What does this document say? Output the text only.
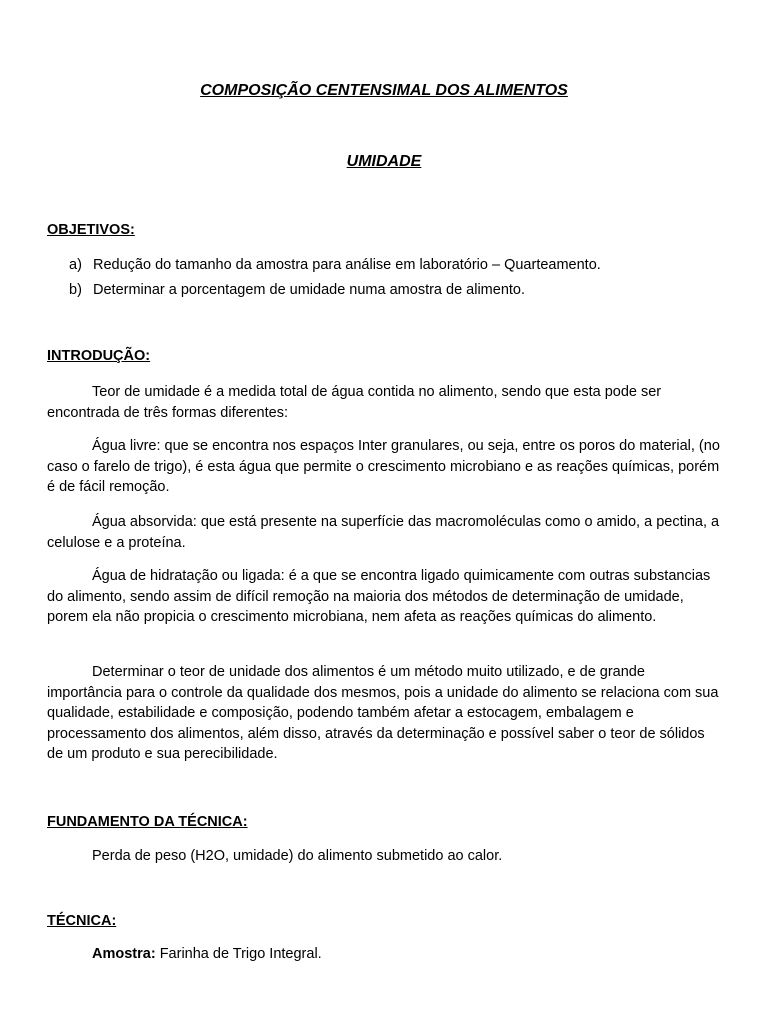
COMPOSIÇÃO CENTENSIMAL DOS ALIMENTOS
UMIDADE
OBJETIVOS:
a) Redução do tamanho da amostra para análise em laboratório – Quarteamento.
b) Determinar a porcentagem de umidade numa amostra de alimento.
INTRODUÇÃO:

Teor de umidade é a medida total de água contida no alimento, sendo que esta pode ser encontrada de três formas diferentes:

Água livre: que se encontra nos espaços Inter granulares, ou seja, entre os poros do material, (no caso o farelo de trigo), é esta água que permite o crescimento microbiano e as reações químicas, porém é de fácil remoção.

Água absorvida: que está presente na superfície das macromoléculas como o amido, a pectina, a celulose e a proteína.

Água de hidratação ou ligada: é a que se encontra ligado quimicamente com outras substancias do alimento, sendo assim de difícil remoção na maioria dos métodos de determinação de umidade, porem ela não propicia o crescimento microbiana, nem afeta as reações químicas do alimento.

Determinar o teor de unidade dos alimentos é um método muito utilizado, e de grande importância para o controle da qualidade dos mesmos, pois a unidade do alimento se relaciona com sua qualidade, estabilidade e composição, podendo também afetar a estocagem, embalagem e processamento dos alimentos, além disso, através da determinação e possível saber o teor de sólidos de um produto e sua perecibilidade.

FUNDAMENTO DA TÉCNICA:

Perda de peso (H2O, umidade) do alimento submetido ao calor.

TÉCNICA:

Amostra: Farinha de Trigo Integral.
